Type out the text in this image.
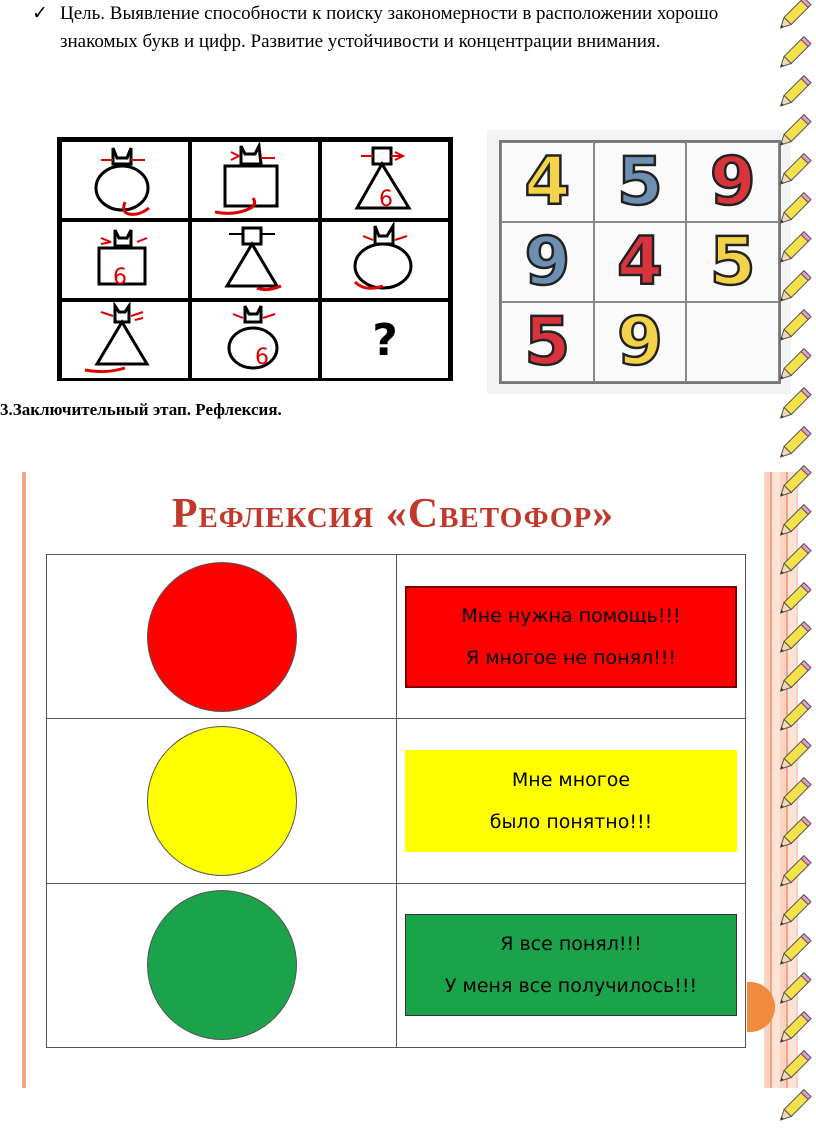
✓ Цель. Выявление способности к поиску закономерности в расположении хорошо знакомых букв и цифр. Развитие устойчивости и концентрации внимания.
6
6
6 ?
4 5 9
9 4 5
5 9
3.Заключительный этап. Рефлексия.
Рефлексия «Светофор»

	Мне нужна помощь!!!
Я многое не понял!!!

	Мне многое
было понятно!!!

	Я все понял!!!
У меня все получилось!!!
